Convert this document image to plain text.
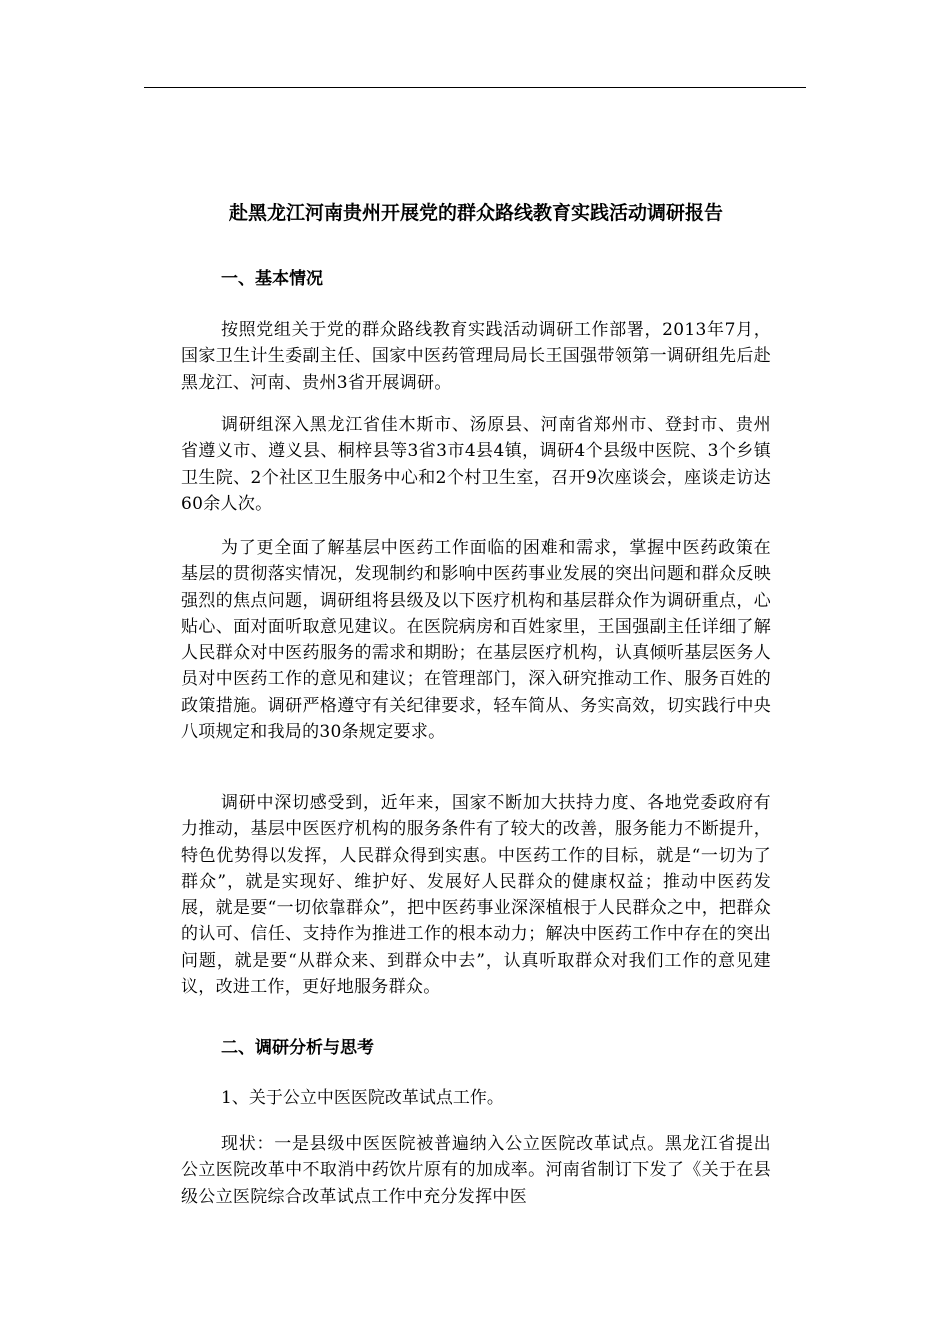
赴黑龙江河南贵州开展党的群众路线教育实践活动调研报告
一、基本情况

按照党组关于党的群众路线教育实践活动调研工作部署，2013年7月，国家卫生计生委副主任、国家中医药管理局局长王国强带领第一调研组先后赴黑龙江、河南、贵州3省开展调研。

调研组深入黑龙江省佳木斯市、汤原县、河南省郑州市、登封市、贵州省遵义市、遵义县、桐梓县等3省3市4县4镇，调研4个县级中医院、3个乡镇卫生院、2个社区卫生服务中心和2个村卫生室，召开9次座谈会，座谈走访达60余人次。

为了更全面了解基层中医药工作面临的困难和需求，掌握中医药政策在基层的贯彻落实情况，发现制约和影响中医药事业发展的突出问题和群众反映强烈的焦点问题，调研组将县级及以下医疗机构和基层群众作为调研重点，心贴心、面对面听取意见建议。在医院病房和百姓家里，王国强副主任详细了解人民群众对中医药服务的需求和期盼；在基层医疗机构，认真倾听基层医务人员对中医药工作的意见和建议；在管理部门，深入研究推动工作、服务百姓的政策措施。调研严格遵守有关纪律要求，轻车简从、务实高效，切实践行中央八项规定和我局的30条规定要求。

调研中深切感受到，近年来，国家不断加大扶持力度、各地党委政府有力推动，基层中医医疗机构的服务条件有了较大的改善，服务能力不断提升，特色优势得以发挥，人民群众得到实惠。中医药工作的目标，就是“一切为了群众”，就是实现好、维护好、发展好人民群众的健康权益；推动中医药发展，就是要“一切依靠群众”，把中医药事业深深植根于人民群众之中，把群众的认可、信任、支持作为推进工作的根本动力；解决中医药工作中存在的突出问题，就是要“从群众来、到群众中去”，认真听取群众对我们工作的意见建议，改进工作，更好地服务群众。

二、调研分析与思考

1、关于公立中医医院改革试点工作。

现状：一是县级中医医院被普遍纳入公立医院改革试点。黑龙江省提出公立医院改革中不取消中药饮片原有的加成率。河南省制订下发了《关于在县级公立医院综合改革试点工作中充分发挥中医
